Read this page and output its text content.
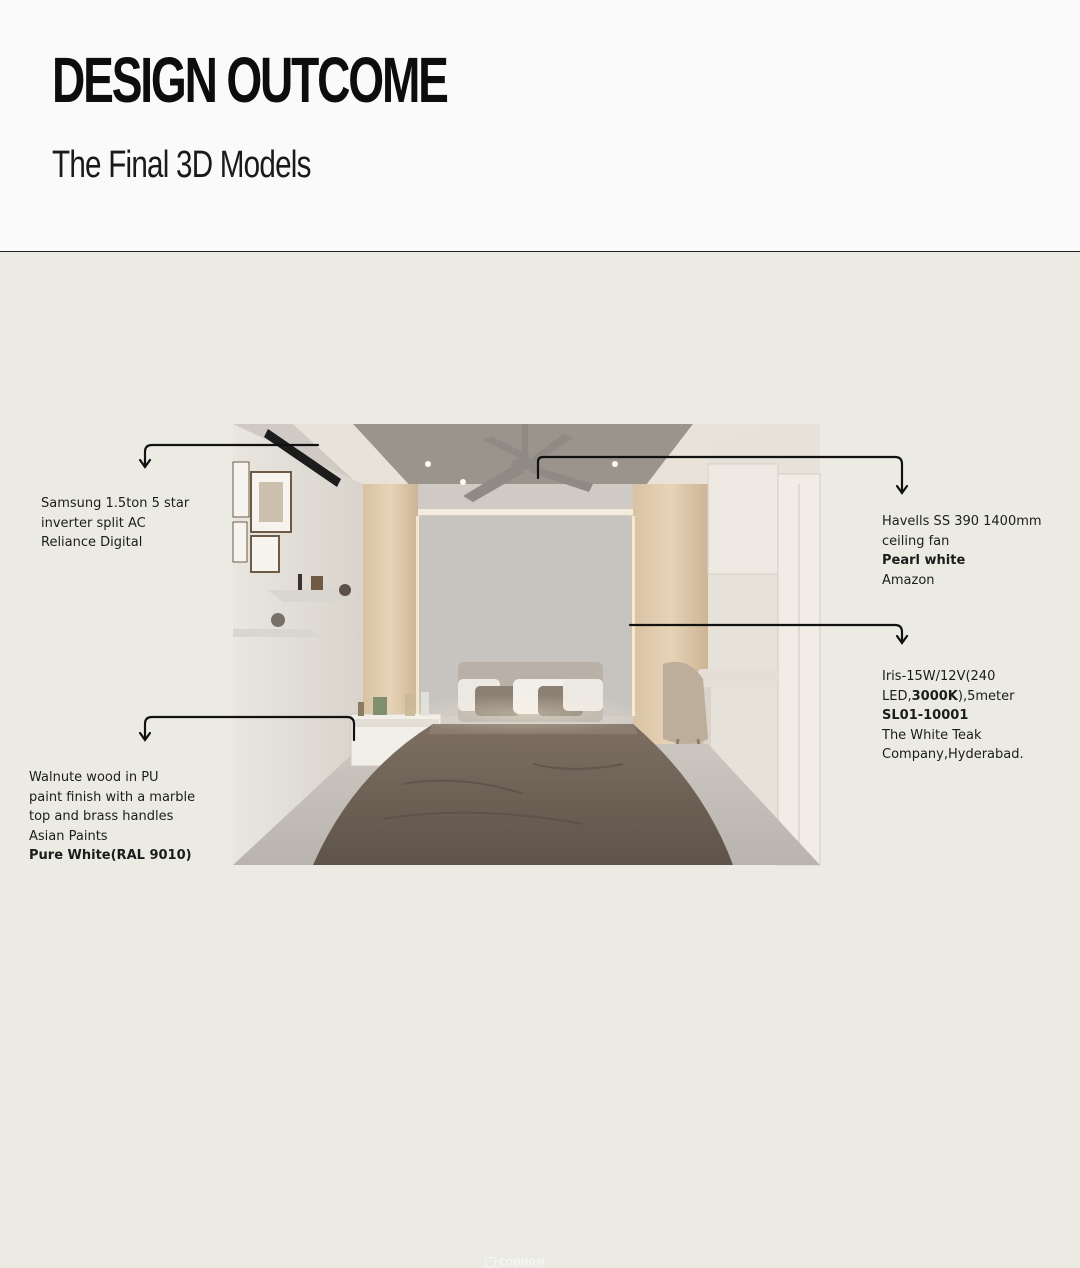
DESIGN OUTCOME
The Final 3D Models
CODHOM
Samsung 1.5ton 5 star
inverter split AC
Reliance Digital
Havells SS 390 1400mm
ceiling fan
Pearl white
Amazon
Iris-15W/12V(240
LED,3000K),5meter
SL01-10001
The White Teak
Company,Hyderabad.
Walnute wood in PU
paint finish with a marble
top and brass handles
Asian Paints
Pure White(RAL 9010)
